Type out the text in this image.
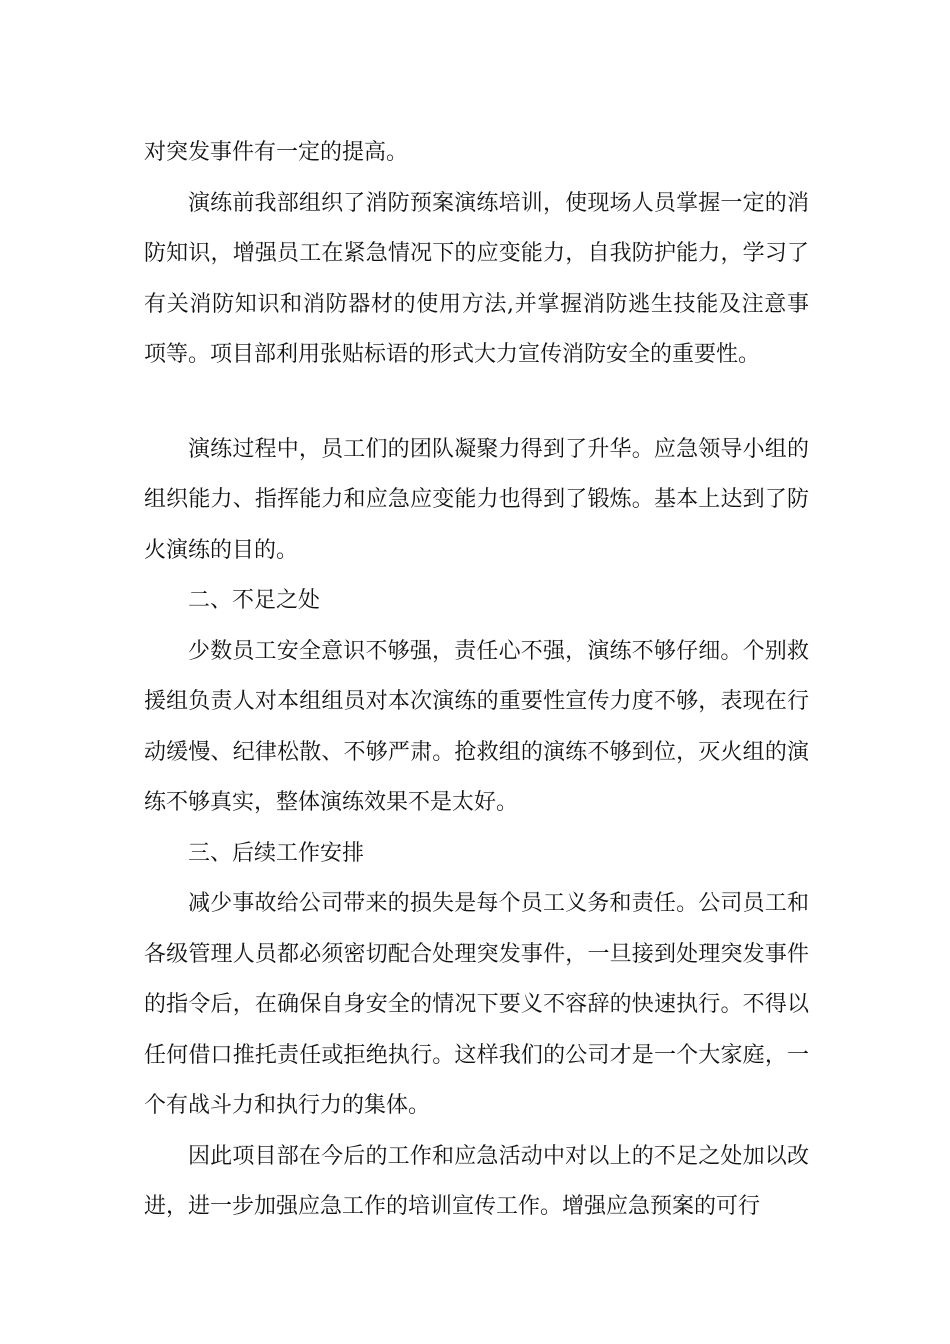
对突发事件有一定的提高。

演练前我部组织了消防预案演练培训，使现场人员掌握一定的消防知识，增强员工在紧急情况下的应变能力，自我防护能力，学习了有关消防知识和消防器材的使用方法,并掌握消防逃生技能及注意事项等。项目部利用张贴标语的形式大力宣传消防安全的重要性。

演练过程中，员工们的团队凝聚力得到了升华。应急领导小组的组织能力、指挥能力和应急应变能力也得到了锻炼。基本上达到了防火演练的目的。

二、不足之处

少数员工安全意识不够强，责任心不强，演练不够仔细。个别救援组负责人对本组组员对本次演练的重要性宣传力度不够，表现在行动缓慢、纪律松散、不够严肃。抢救组的演练不够到位，灭火组的演练不够真实，整体演练效果不是太好。

三、后续工作安排

减少事故给公司带来的损失是每个员工义务和责任。公司员工和各级管理人员都必须密切配合处理突发事件，一旦接到处理突发事件的指令后，在确保自身安全的情况下要义不容辞的快速执行。不得以任何借口推托责任或拒绝执行。这样我们的公司才是一个大家庭，一个有战斗力和执行力的集体。

因此项目部在今后的工作和应急活动中对以上的不足之处加以改进，进一步加强应急工作的培训宣传工作。增强应急预案的可行
